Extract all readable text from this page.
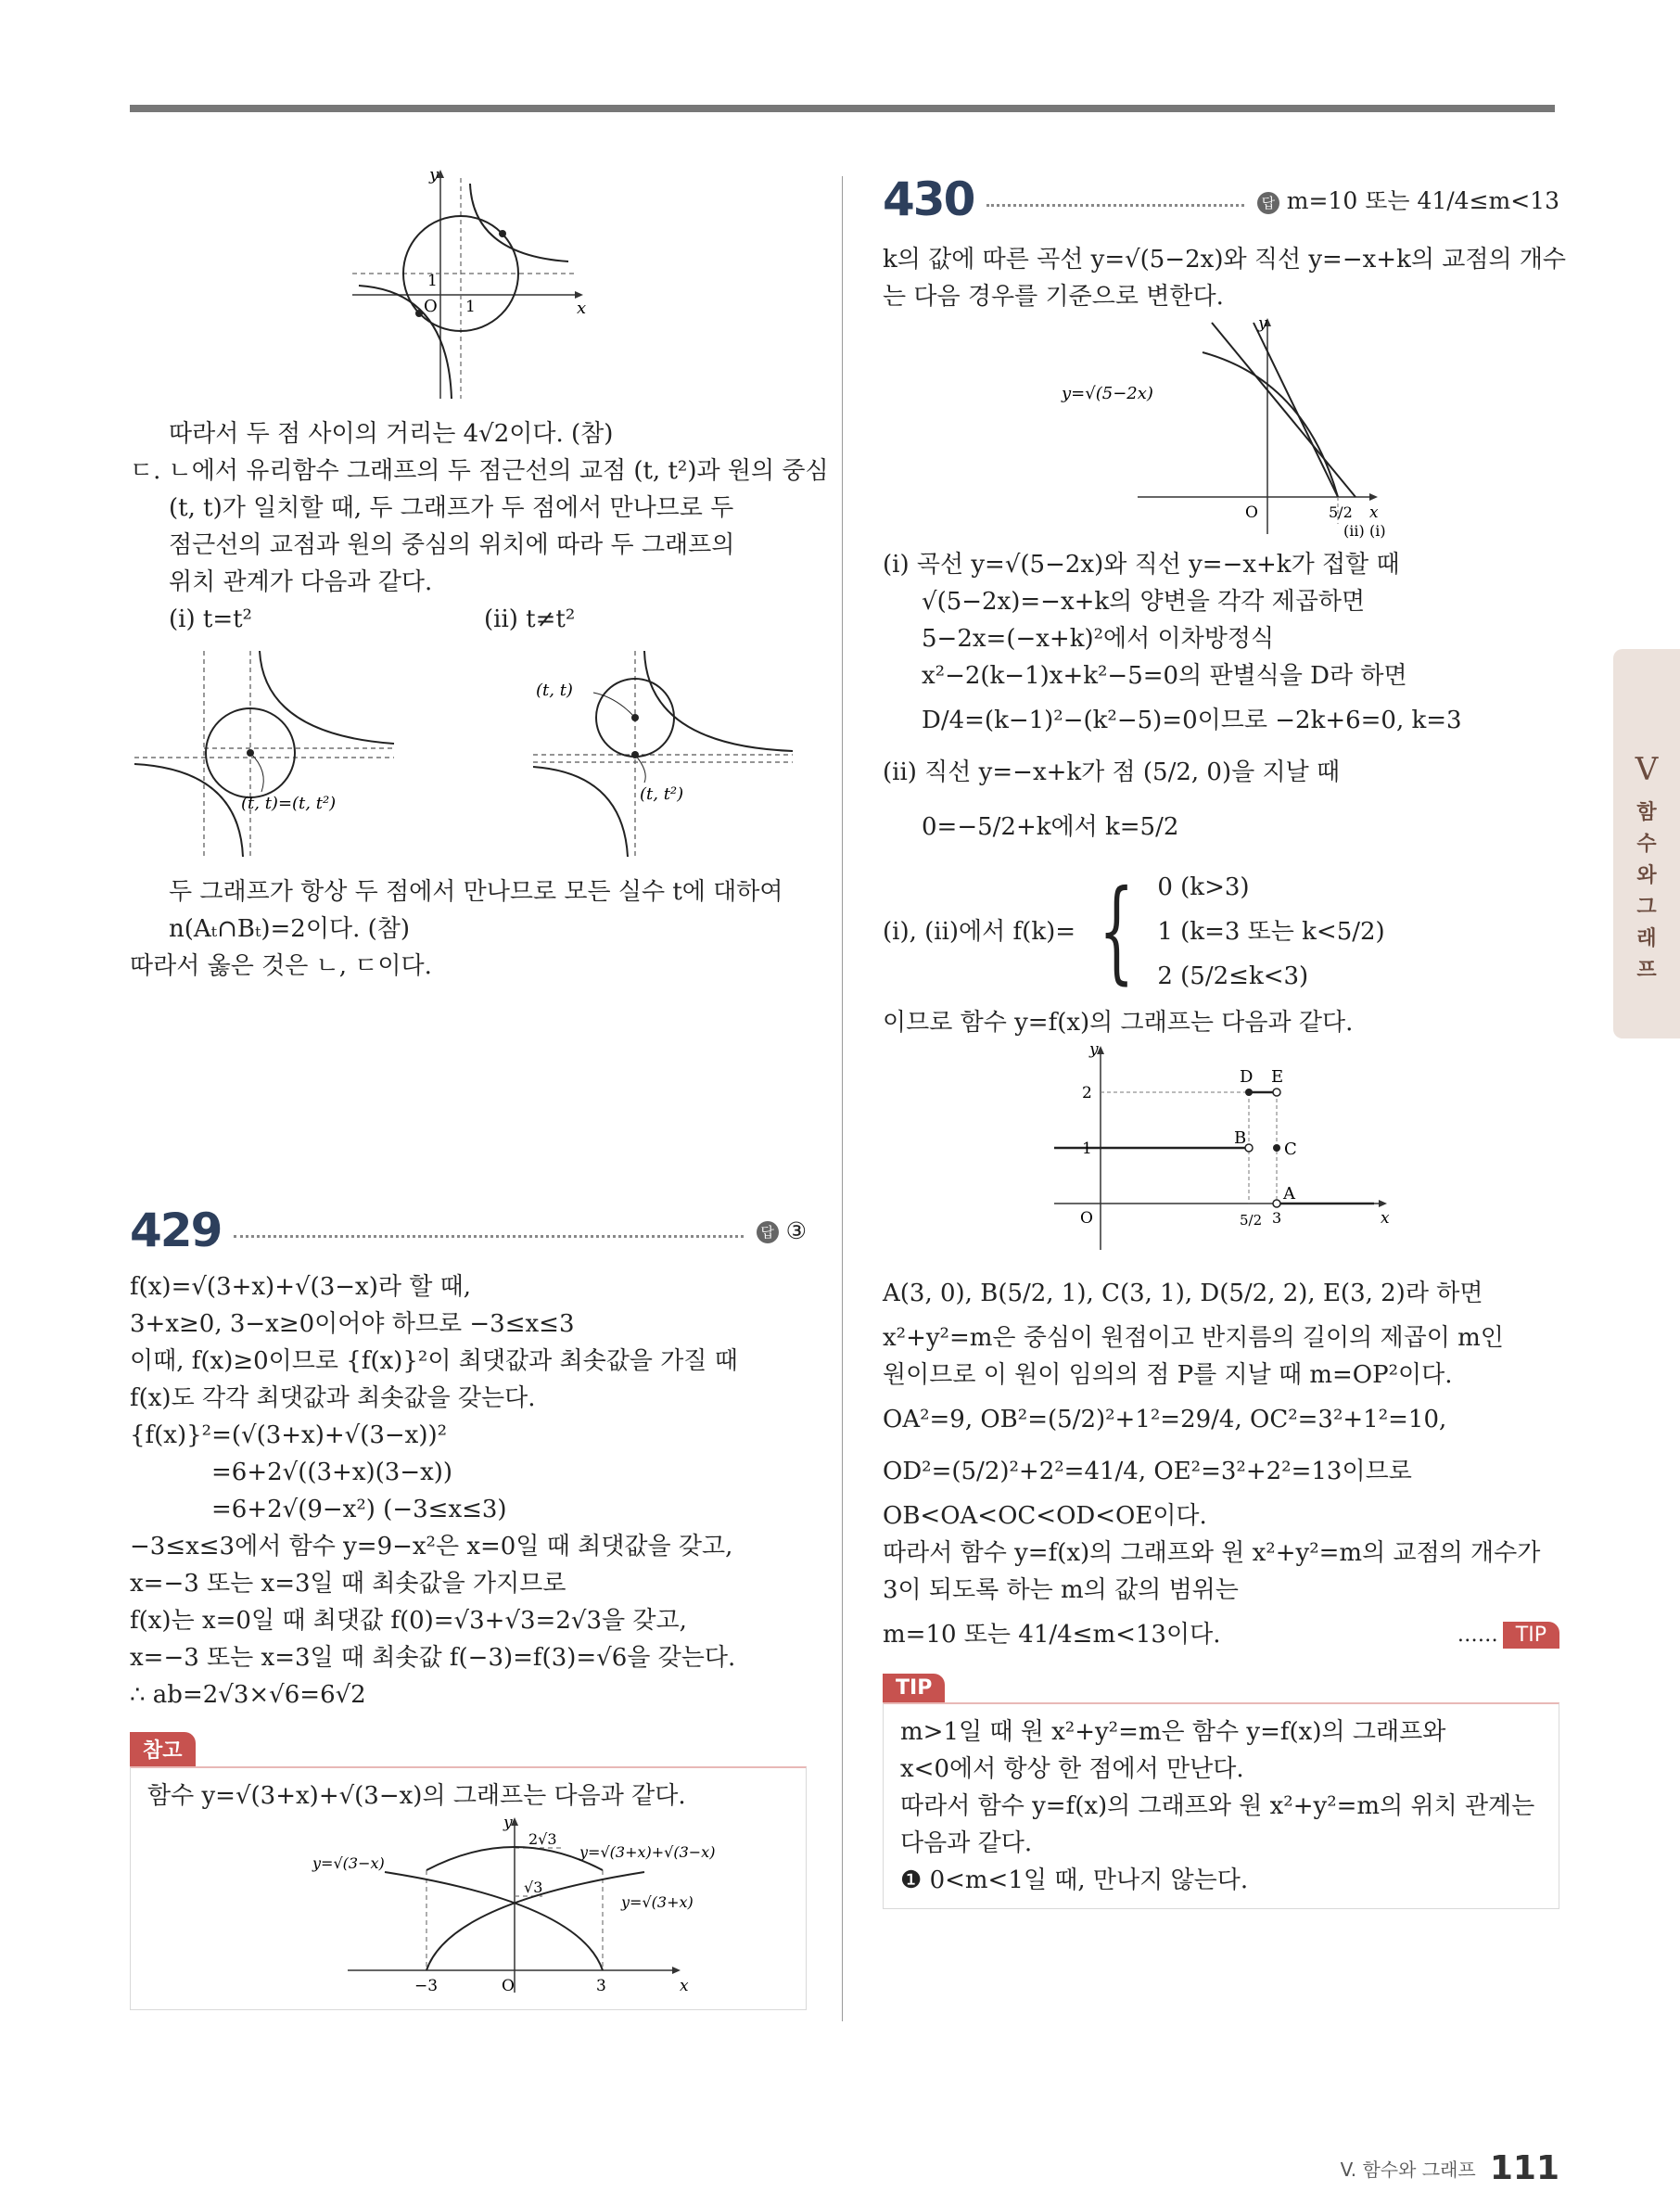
y
x
O 1
1
따라서 두 점 사이의 거리는 4√2이다. (참)
ㄷ. ㄴ에서 유리함수 그래프의 두 점근선의 교점 (t, t²)과 원의 중심
(t, t)가 일치할 때, 두 그래프가 두 점에서 만나므로 두
점근선의 교점과 원의 중심의 위치에 따라 두 그래프의
위치 관계가 다음과 같다.
(i) t=t²	(ii) t≠t²
(t, t)=(t, t²)
(t, t)
(t, t²)
두 그래프가 항상 두 점에서 만나므로 모든 실수 t에 대하여
n(Aₜ∩Bₜ)=2이다. (참)
따라서 옳은 것은 ㄴ, ㄷ이다.
429	답 ③
f(x)=√(3+x)+√(3−x)라 할 때,
3+x≥0, 3−x≥0이어야 하므로 −3≤x≤3
이때, f(x)≥0이므로 {f(x)}²이 최댓값과 최솟값을 가질 때
f(x)도 각각 최댓값과 최솟값을 갖는다.
{f(x)}²=(√(3+x)+√(3−x))²
=6+2√((3+x)(3−x))
=6+2√(9−x²) (−3≤x≤3)
−3≤x≤3에서 함수 y=9−x²은 x=0일 때 최댓값을 갖고,
x=−3 또는 x=3일 때 최솟값을 가지므로
f(x)는 x=0일 때 최댓값 f(0)=√3+√3=2√3을 갖고,
x=−3 또는 x=3일 때 최솟값 f(−3)=f(3)=√6을 갖는다.
∴ ab=2√3×√6=6√2
참고
함수 y=√(3+x)+√(3−x)의 그래프는 다음과 같다.
y
x
O
−3	3
2√3
√3
y=√(3+x)+√(3−x)
y=√(3−x)
y=√(3+x)
430	답 m=10 또는 41/4≤m<13
k의 값에 따른 곡선 y=√(5−2x)와 직선 y=−x+k의 교점의 개수
는 다음 경우를 기준으로 변한다.
y
x
O
y=√(5−2x)
5/2
(ii) (i)
(i) 곡선 y=√(5−2x)와 직선 y=−x+k가 접할 때
√(5−2x)=−x+k의 양변을 각각 제곱하면
5−2x=(−x+k)²에서 이차방정식
x²−2(k−1)x+k²−5=0의 판별식을 D라 하면
D/4=(k−1)²−(k²−5)=0이므로 −2k+6=0, k=3
(ii) 직선 y=−x+k가 점 (5/2, 0)을 지날 때
0=−5/2+k에서 k=5/2
(i), (ii)에서 f(k)= { 0 (k>3)
1 (k=3 또는 k<5/2)
2 (5/2≤k<3)
이므로 함수 y=f(x)의 그래프는 다음과 같다.
y
x
O
2
1
5/2 3
A
B
C
D E
A(3, 0), B(5/2, 1), C(3, 1), D(5/2, 2), E(3, 2)라 하면
x²+y²=m은 중심이 원점이고 반지름의 길이의 제곱이 m인
원이므로 이 원이 임의의 점 P를 지날 때 m=OP²이다.
OA²=9, OB²=(5/2)²+1²=29/4, OC²=3²+1²=10,
OD²=(5/2)²+2²=41/4, OE²=3²+2²=13이므로
OB<OA<OC<OD<OE이다.
따라서 함수 y=f(x)의 그래프와 원 x²+y²=m의 교점의 개수가
3이 되도록 하는 m의 값의 범위는
m=10 또는 41/4≤m<13이다.	…… TIP
TIP
m>1일 때 원 x²+y²=m은 함수 y=f(x)의 그래프와
x<0에서 항상 한 점에서 만난다.
따라서 함수 y=f(x)의 그래프와 원 x²+y²=m의 위치 관계는
다음과 같다.
❶ 0<m<1일 때, 만나지 않는다.
V
함
수
와
그
래
프
V. 함수와 그래프 111
